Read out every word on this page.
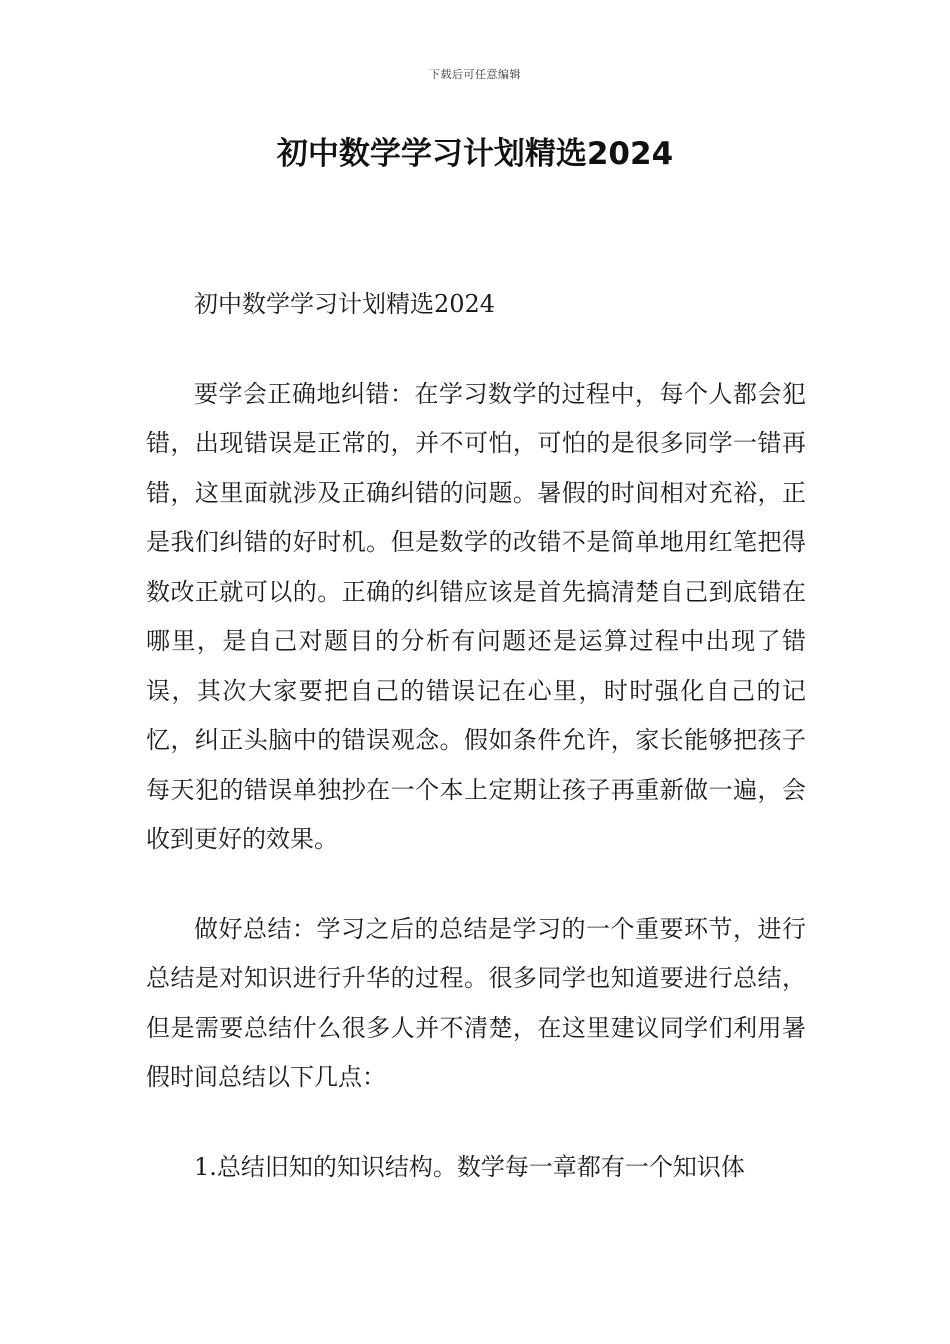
下载后可任意编辑
初中数学学习计划精选2024

初中数学学习计划精选2024

要学会正确地纠错：在学习数学的过程中，每个人都会犯错，出现错误是正常的，并不可怕，可怕的是很多同学一错再错，这里面就涉及正确纠错的问题。暑假的时间相对充裕，正是我们纠错的好时机。但是数学的改错不是简单地用红笔把得数改正就可以的。正确的纠错应该是首先搞清楚自己到底错在哪里，是自己对题目的分析有问题还是运算过程中出现了错误，其次大家要把自己的错误记在心里，时时强化自己的记忆，纠正头脑中的错误观念。假如条件允许，家长能够把孩子每天犯的错误单独抄在一个本上定期让孩子再重新做一遍，会收到更好的效果。

做好总结：学习之后的总结是学习的一个重要环节，进行总结是对知识进行升华的过程。很多同学也知道要进行总结，但是需要总结什么很多人并不清楚，在这里建议同学们利用暑假时间总结以下几点：

1.总结旧知的知识结构。数学每一章都有一个知识体
